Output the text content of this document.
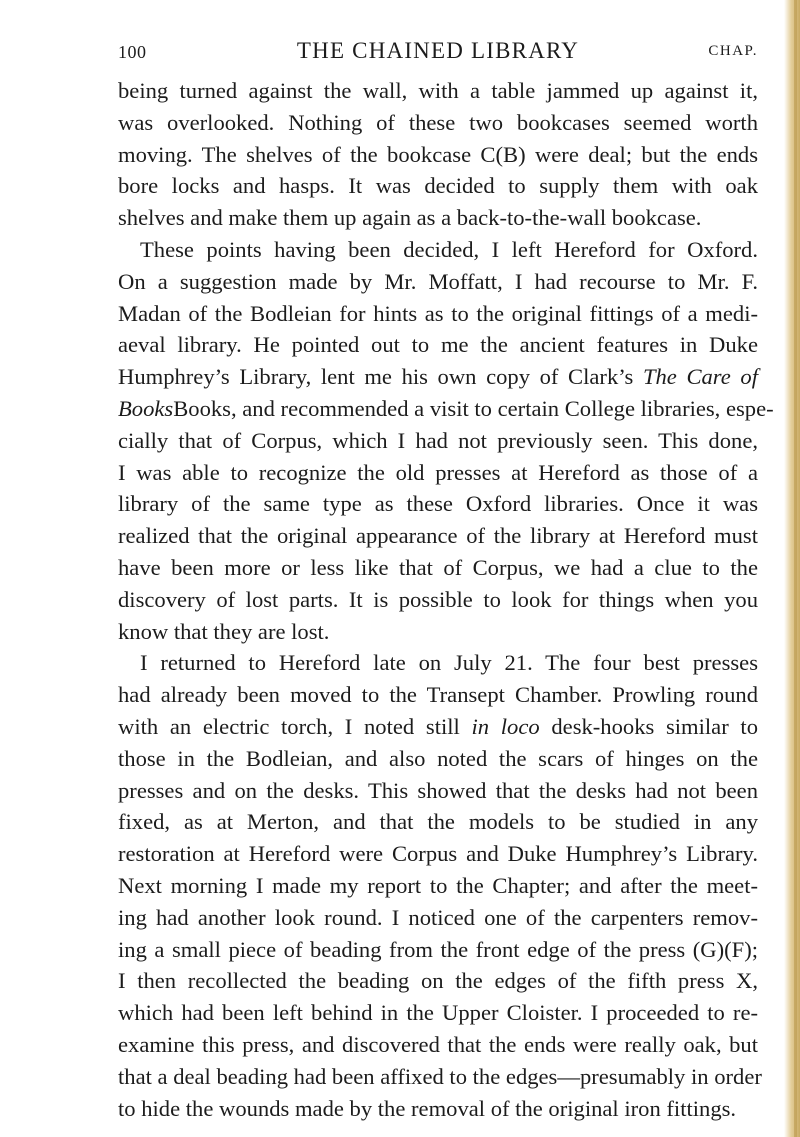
100	THE CHAINED LIBRARY	CHAP.
being turned against the wall, with a table jammed up against it,
was overlooked. Nothing of these two bookcases seemed worth
moving. The shelves of the bookcase C(B) were deal; but the ends
bore locks and hasps. It was decided to supply them with oak
shelves and make them up again as a back-to-the-wall bookcase.
These points having been decided, I left Hereford for Oxford.
On a suggestion made by Mr. Moffatt, I had recourse to Mr. F.
Madan of the Bodleian for hints as to the original fittings of a medi-
aeval library. He pointed out to me the ancient features in Duke
Humphrey’s Library, lent me his own copy of Clark’s The Care of
BooksBooks, and recommended a visit to certain College libraries, espe-
cially that of Corpus, which I had not previously seen. This done,
I was able to recognize the old presses at Hereford as those of a
library of the same type as these Oxford libraries. Once it was
realized that the original appearance of the library at Hereford must
have been more or less like that of Corpus, we had a clue to the
discovery of lost parts. It is possible to look for things when you
know that they are lost.
I returned to Hereford late on July 21. The four best presses
had already been moved to the Transept Chamber. Prowling round
with an electric torch, I noted still in loco desk-hooks similar to
those in the Bodleian, and also noted the scars of hinges on the
presses and on the desks. This showed that the desks had not been
fixed, as at Merton, and that the models to be studied in any
restoration at Hereford were Corpus and Duke Humphrey’s Library.
Next morning I made my report to the Chapter; and after the meet-
ing had another look round. I noticed one of the carpenters remov-
ing a small piece of beading from the front edge of the press (G)(F);
I then recollected the beading on the edges of the fifth press X,
which had been left behind in the Upper Cloister. I proceeded to re-
examine this press, and discovered that the ends were really oak, but
that a deal beading had been affixed to the edges—presumably in order
to hide the wounds made by the removal of the original iron fittings.
